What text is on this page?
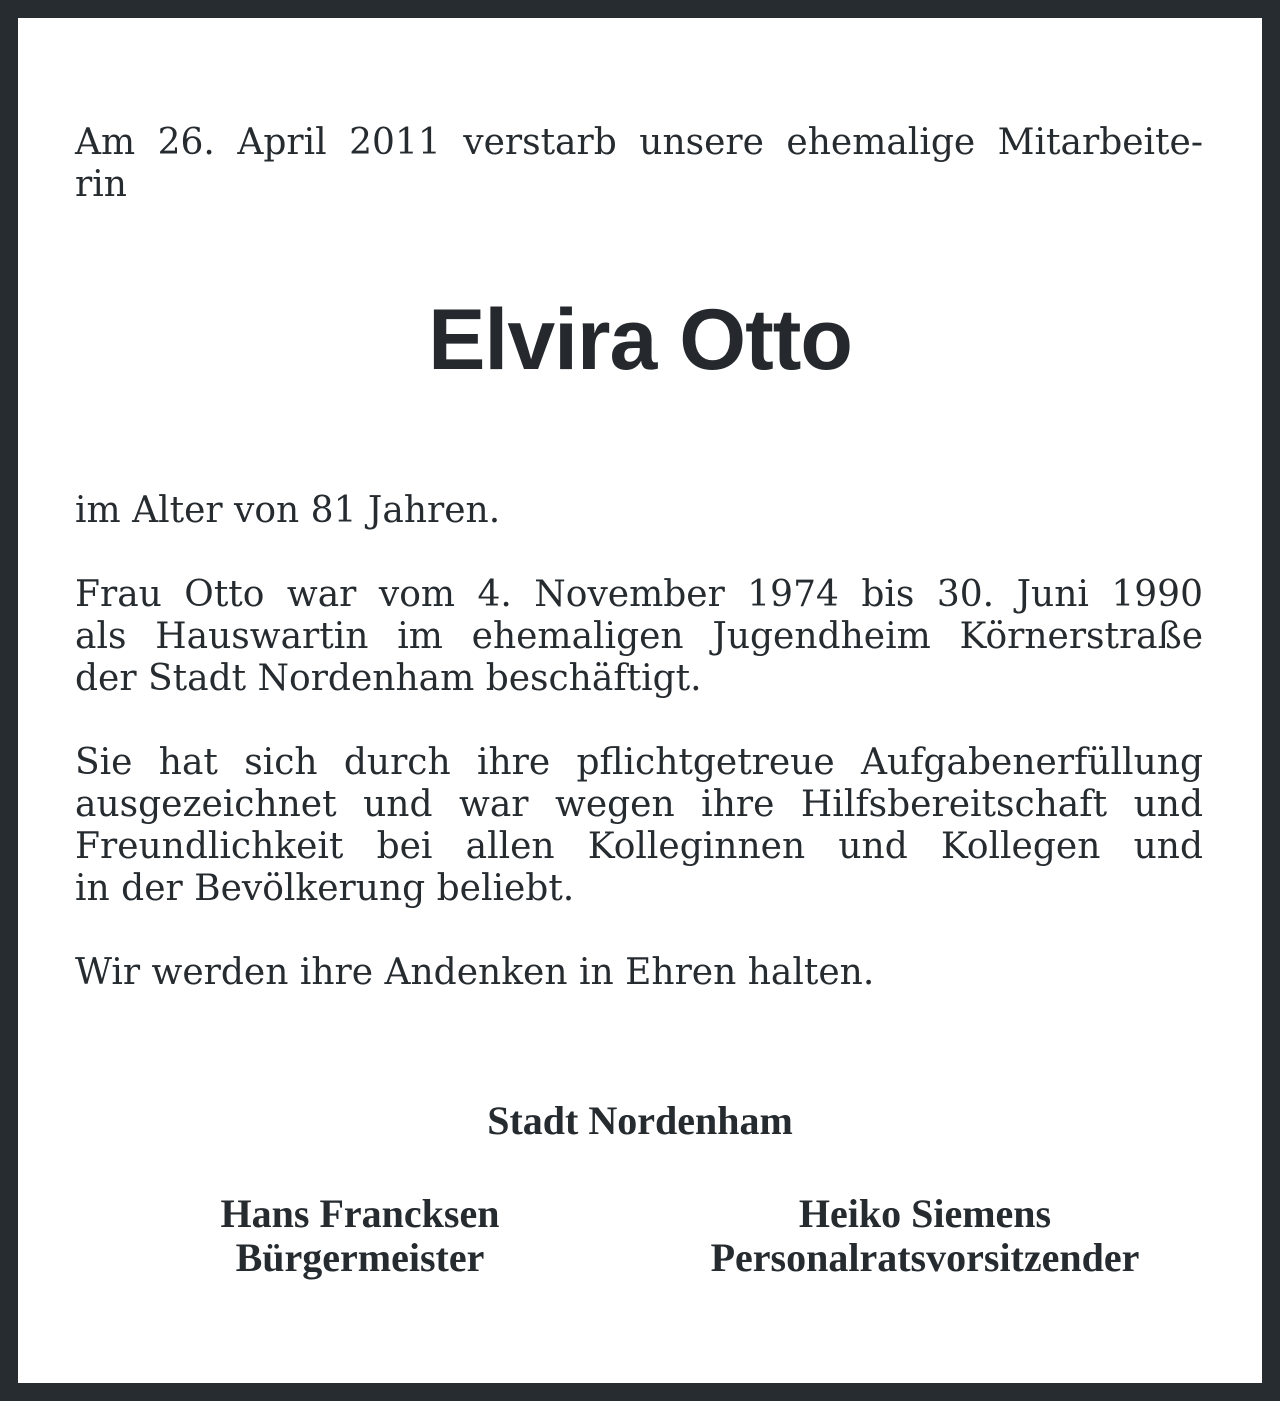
Am 26. April 2011 verstarb unsere ehemalige Mitarbeite-
rin

Elvira Otto

im Alter von 81 Jahren.

Frau Otto war vom 4. November 1974 bis 30. Juni 1990
als Hauswartin im ehemaligen Jugendheim Körnerstraße
der Stadt Nordenham beschäftigt.

Sie hat sich durch ihre pflichtgetreue Aufgabenerfüllung
ausgezeichnet und war wegen ihre Hilfsbereitschaft und
Freundlichkeit bei allen Kolleginnen und Kollegen und
in der Bevölkerung beliebt.

Wir werden ihre Andenken in Ehren halten.

Stadt Nordenham
Hans Francksen
Bürgermeister
Heiko Siemens
Personalratsvorsitzender
